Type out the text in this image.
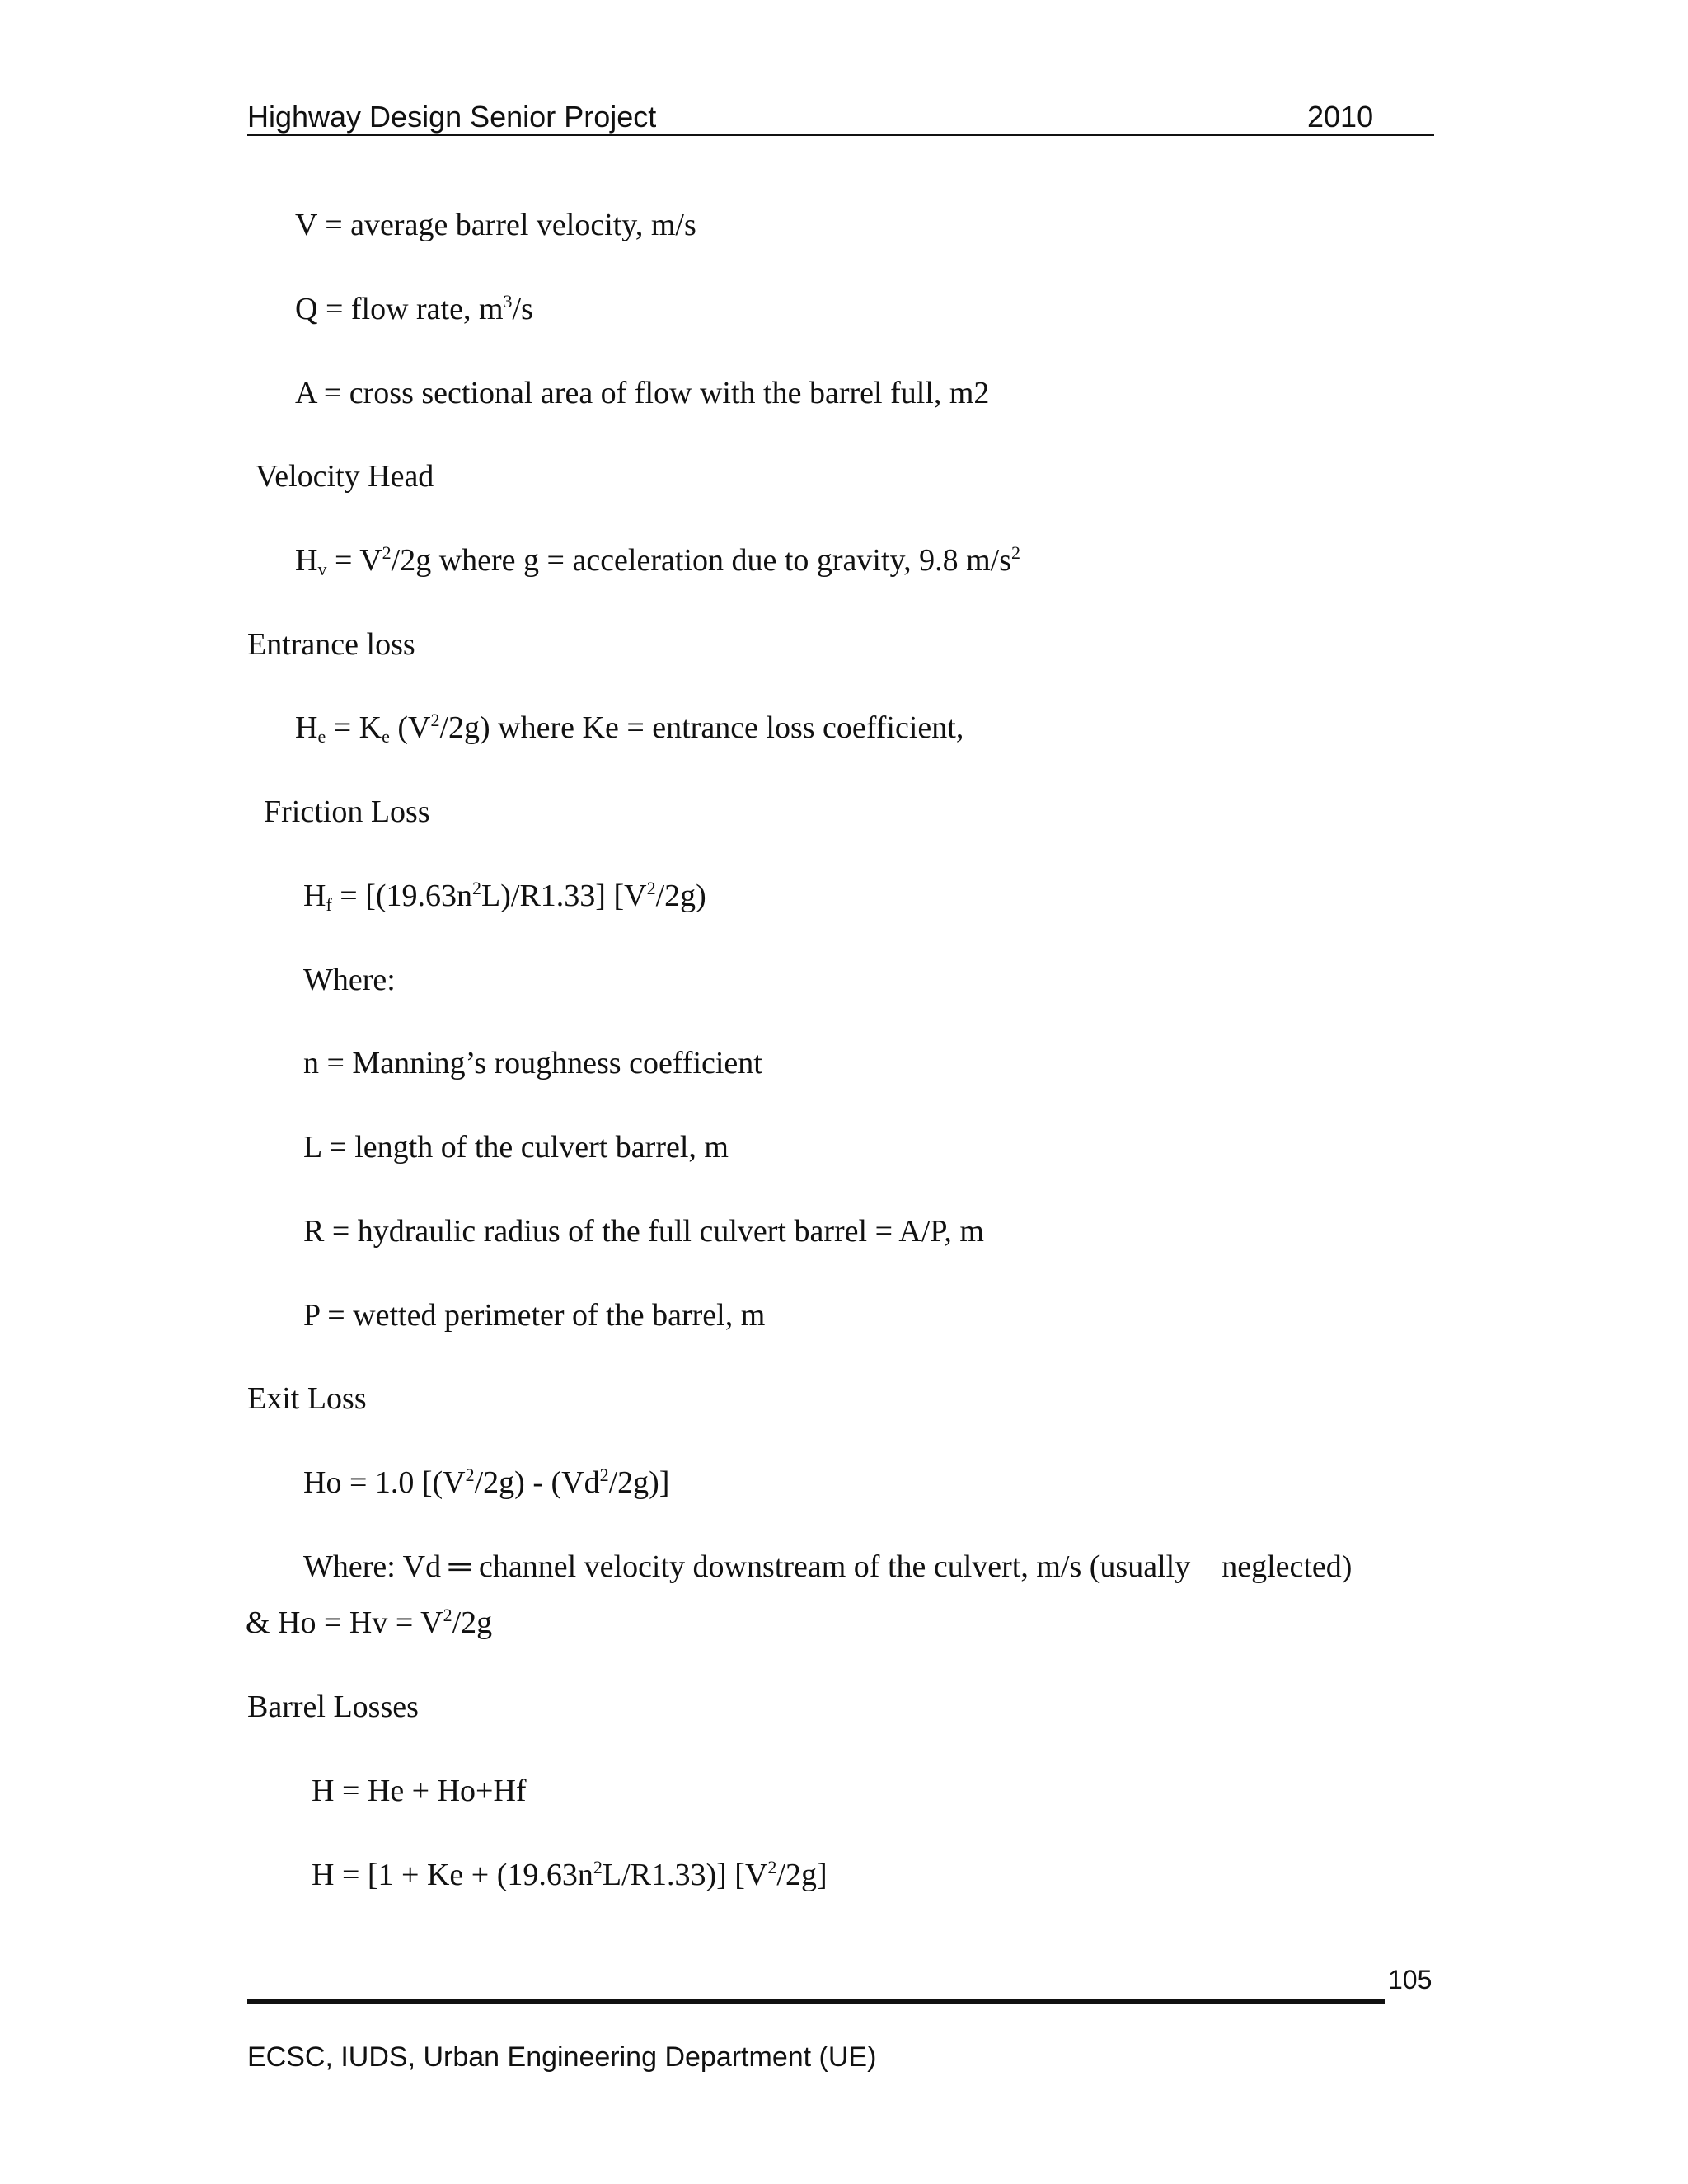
Highway Design Senior Project	2010
V = average barrel velocity, m/s
Q = flow rate, $m^3/s$
A = cross sectional area of flow with the barrel full, m2
Velocity Head
$H_v = V^2/2g$ where g = acceleration due to gravity, 9.8 $m/s^2$
Entrance loss
$H_e = K_e$ $(V^2/2g)$ where Ke = entrance loss coefficient,
Friction Loss
$H_f = [(19.63n^2L)/R1.33]$ $[V^2/2g)$
Where:
n = Manning’s roughness coefficient
L = length of the culvert barrel, m
R = hydraulic radius of the full culvert barrel = A/P, m
P = wetted perimeter of the barrel, m
Exit Loss
Ho = 1.0 $[(V^2/2g) - (Vd^2/2g)]$
Where: Vd ═ channel velocity downstream of the culvert, m/s (usually neglected)
& $Ho = Hv = V^2/2g$
Barrel Losses
H = He + Ho+Hf
$H = [1 + Ke + (19.63n^2L/R1.33)]$ $[V^2/2g]$
105
ECSC, IUDS, Urban Engineering Department (UE)
